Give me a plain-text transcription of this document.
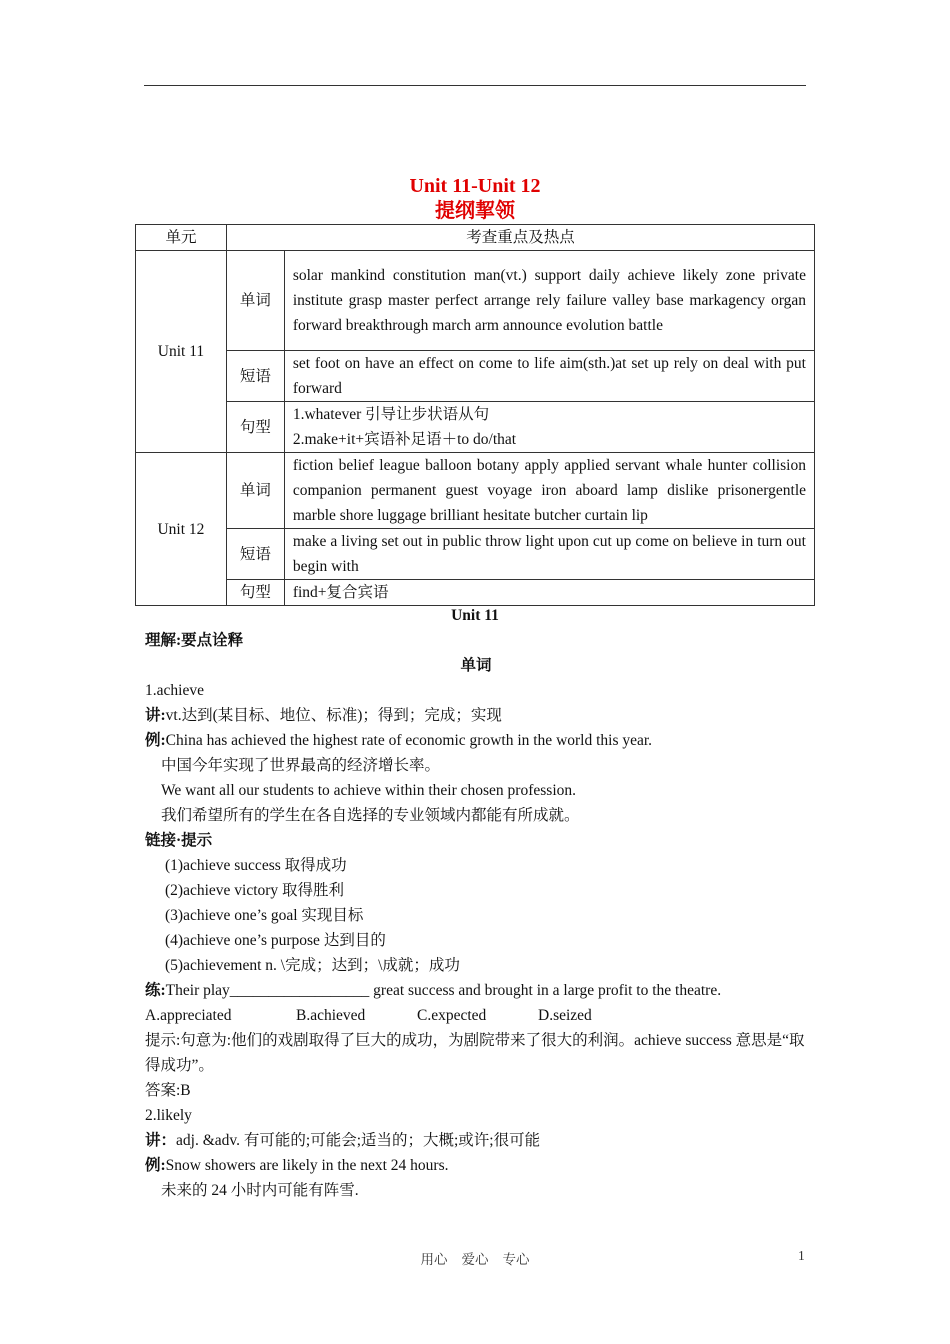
Unit 11-Unit 12
提纲挈领
单元	考查重点及热点	
Unit 11	单词	solar mankind constitution man(vt.) support daily achieve likely zone private institute grasp master perfect arrange rely failure valley base markagency organ forward breakthrough march arm announce evolution battle
	短语	set foot on have an effect on come to life aim(sth.)at set up rely on deal with put forward
	句型	1.whatever 引导让步状语从句
2.make+it+宾语补足语＋to do/that

Unit 12	单词	fiction belief league balloon botany apply applied servant whale hunter collision companion permanent guest voyage iron aboard lamp dislike prisonergentle marble shore luggage brilliant hesitate butcher curtain lip
	短语	make a living set out in public throw light upon cut up come on believe in turn out begin with
	句型	find+复合宾语
Unit 11

理解:要点诠释

单词

1.achieve

讲:vt.达到(某目标、地位、标准)；得到；完成；实现

例:China has achieved the highest rate of economic growth in the world this year.

中国今年实现了世界最高的经济增长率。

We want all our students to achieve within their chosen profession.

我们希望所有的学生在各自选择的专业领域内都能有所成就。

链接·提示

(1)achieve success 取得成功

(2)achieve victory 取得胜利

(3)achieve one’s goal 实现目标

(4)achieve one’s purpose 达到目的

(5)achievement n. \完成；达到；\成就；成功

练:Their play__________________ great success and brought in a large profit to the theatre.

A.appreciated	B.achieved	C.expected	D.seized

提示:句意为:他们的戏剧取得了巨大的成功，为剧院带来了很大的利润。achieve success 意思是“取得成功”。

答案:B

2.likely

讲：adj. &adv. 有可能的;可能会;适当的；大概;或许;很可能

例:Snow showers are likely in the next 24 hours.

未来的 24 小时内可能有阵雪.

用心 爱心 专心	1
